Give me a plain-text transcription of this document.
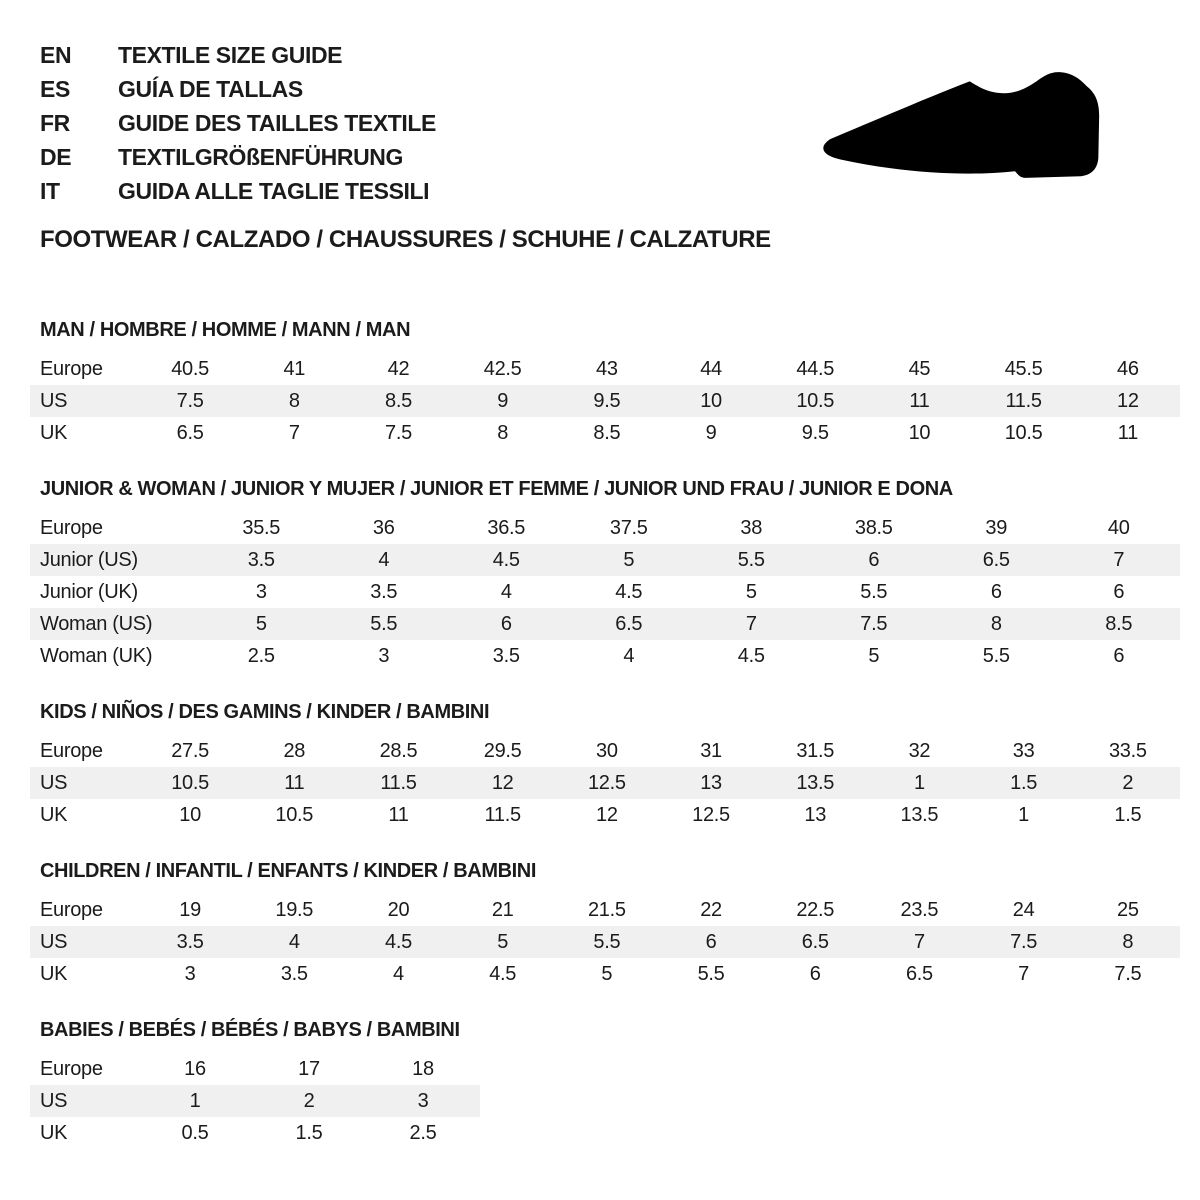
EN	TEXTILE SIZE GUIDE
ES	GUÍA DE TALLAS
FR	GUIDE DES TAILLES TEXTILE
DE	TEXTILGRÖßENFÜHRUNG
IT	GUIDA ALLE TAGLIE TESSILI
FOOTWEAR / CALZADO / CHAUSSURES / SCHUHE / CALZATURE
MAN / HOMBRE / HOMME / MANN / MAN
Europe	40.5	41	42	42.5	43	44	44.5	45	45.5	46
US	7.5	8	8.5	9	9.5	10	10.5	11	11.5	12
UK	6.5	7	7.5	8	8.5	9	9.5	10	10.5	11
JUNIOR & WOMAN / JUNIOR Y MUJER / JUNIOR ET FEMME / JUNIOR UND FRAU / JUNIOR E DONA
Europe	35.5	36	36.5	37.5	38	38.5	39	40
Junior (US)	3.5	4	4.5	5	5.5	6	6.5	7
Junior (UK)	3	3.5	4	4.5	5	5.5	6	6
Woman (US)	5	5.5	6	6.5	7	7.5	8	8.5
Woman (UK)	2.5	3	3.5	4	4.5	5	5.5	6
KIDS / NIÑOS / DES GAMINS / KINDER / BAMBINI
Europe	27.5	28	28.5	29.5	30	31	31.5	32	33	33.5
US	10.5	11	11.5	12	12.5	13	13.5	1	1.5	2
UK	10	10.5	11	11.5	12	12.5	13	13.5	1	1.5
CHILDREN / INFANTIL / ENFANTS / KINDER / BAMBINI
Europe	19	19.5	20	21	21.5	22	22.5	23.5	24	25
US	3.5	4	4.5	5	5.5	6	6.5	7	7.5	8
UK	3	3.5	4	4.5	5	5.5	6	6.5	7	7.5
BABIES / BEBÉS / BÉBÉS / BABYS / BAMBINI
Europe	16	17	18
US	1	2	3
UK	0.5	1.5	2.5
